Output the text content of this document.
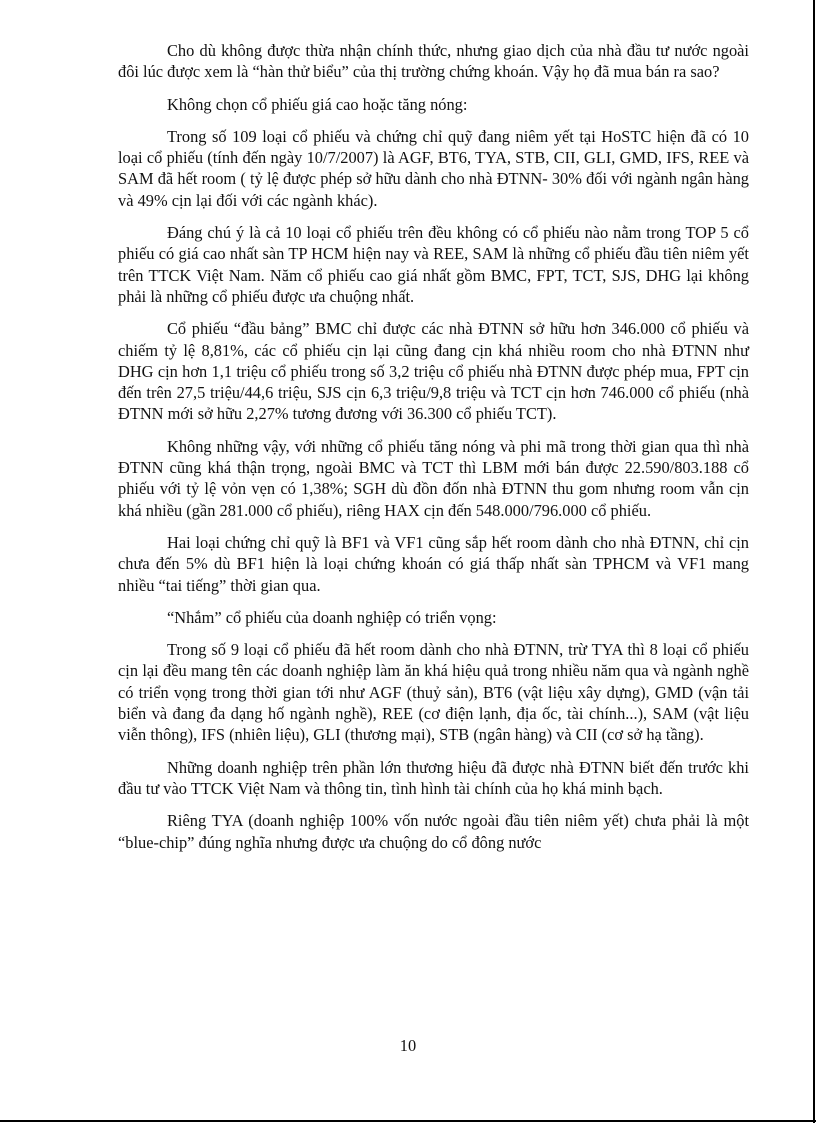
Cho dù không được thừa nhận chính thức, nhưng giao dịch của nhà đầu tư nước ngoài đôi lúc được xem là “hàn thử biểu” của thị trường chứng khoán. Vậy họ đã mua bán ra sao?

Không chọn cổ phiếu giá cao hoặc tăng nóng:

Trong số 109 loại cổ phiếu và chứng chỉ quỹ đang niêm yết tại HoSTC hiện đã có 10 loại cổ phiếu (tính đến ngày 10/7/2007) là AGF, BT6, TYA, STB, CII, GLI, GMD, IFS, REE và SAM đã hết room ( tỷ lệ được phép sở hữu dành cho nhà ĐTNN- 30% đối với ngành ngân hàng và 49% cịn lại đối với các ngành khác).

Đáng chú ý là cả 10 loại cổ phiếu trên đều không có cổ phiếu nào nằm trong TOP 5 cổ phiếu có giá cao nhất sàn TP HCM hiện nay và REE, SAM là những cổ phiếu đầu tiên niêm yết trên TTCK Việt Nam. Năm cổ phiếu cao giá nhất gồm BMC, FPT, TCT, SJS, DHG lại không phải là những cổ phiếu được ưa chuộng nhất.

Cổ phiếu “đầu bảng” BMC chỉ được các nhà ĐTNN sở hữu hơn 346.000 cổ phiếu và chiếm tỷ lệ 8,81%, các cổ phiếu cịn lại cũng đang cịn khá nhiều room cho nhà ĐTNN như DHG cịn hơn 1,1 triệu cổ phiếu trong số 3,2 triệu cổ phiếu nhà ĐTNN được phép mua, FPT cịn đến trên 27,5 triệu/44,6 triệu, SJS cịn 6,3 triệu/9,8 triệu và TCT cịn hơn 746.000 cổ phiếu (nhà ĐTNN mới sở hữu 2,27% tương đương với 36.300 cổ phiếu TCT).

Không những vậy, với những cổ phiếu tăng nóng và phi mã trong thời gian qua thì nhà ĐTNN cũng khá thận trọng, ngoài BMC và TCT thì LBM mới bán được 22.590/803.188 cổ phiếu với tỷ lệ vỏn vẹn có 1,38%; SGH dù đồn đốn nhà ĐTNN thu gom nhưng room vẫn cịn khá nhiều (gần 281.000 cổ phiếu), riêng HAX cịn đến 548.000/796.000 cổ phiếu.

Hai loại chứng chỉ quỹ là BF1 và VF1 cũng sắp hết room dành cho nhà ĐTNN, chỉ cịn chưa đến 5% dù BF1 hiện là loại chứng khoán có giá thấp nhất sàn TPHCM và VF1 mang nhiều “tai tiếng” thời gian qua.

“Nhắm” cổ phiếu của doanh nghiệp có triển vọng:

Trong số 9 loại cổ phiếu đã hết room dành cho nhà ĐTNN, trừ TYA thì 8 loại cổ phiếu cịn lại đều mang tên các doanh nghiệp làm ăn khá hiệu quả trong nhiều năm qua và ngành nghề có triển vọng trong thời gian tới như AGF (thuỷ sản), BT6 (vật liệu xây dựng), GMD (vận tải biển và đang đa dạng hố ngành nghề), REE (cơ điện lạnh, địa ốc, tài chính...), SAM (vật liệu viễn thông), IFS (nhiên liệu), GLI (thương mại), STB (ngân hàng) và CII (cơ sở hạ tầng).

Những doanh nghiệp trên phần lớn thương hiệu đã được nhà ĐTNN biết đến trước khi đầu tư vào TTCK Việt Nam và thông tin, tình hình tài chính của họ khá minh bạch.

Riêng TYA (doanh nghiệp 100% vốn nước ngoài đầu tiên niêm yết) chưa phải là một “blue-chip” đúng nghĩa nhưng được ưa chuộng do cổ đông nước

10
